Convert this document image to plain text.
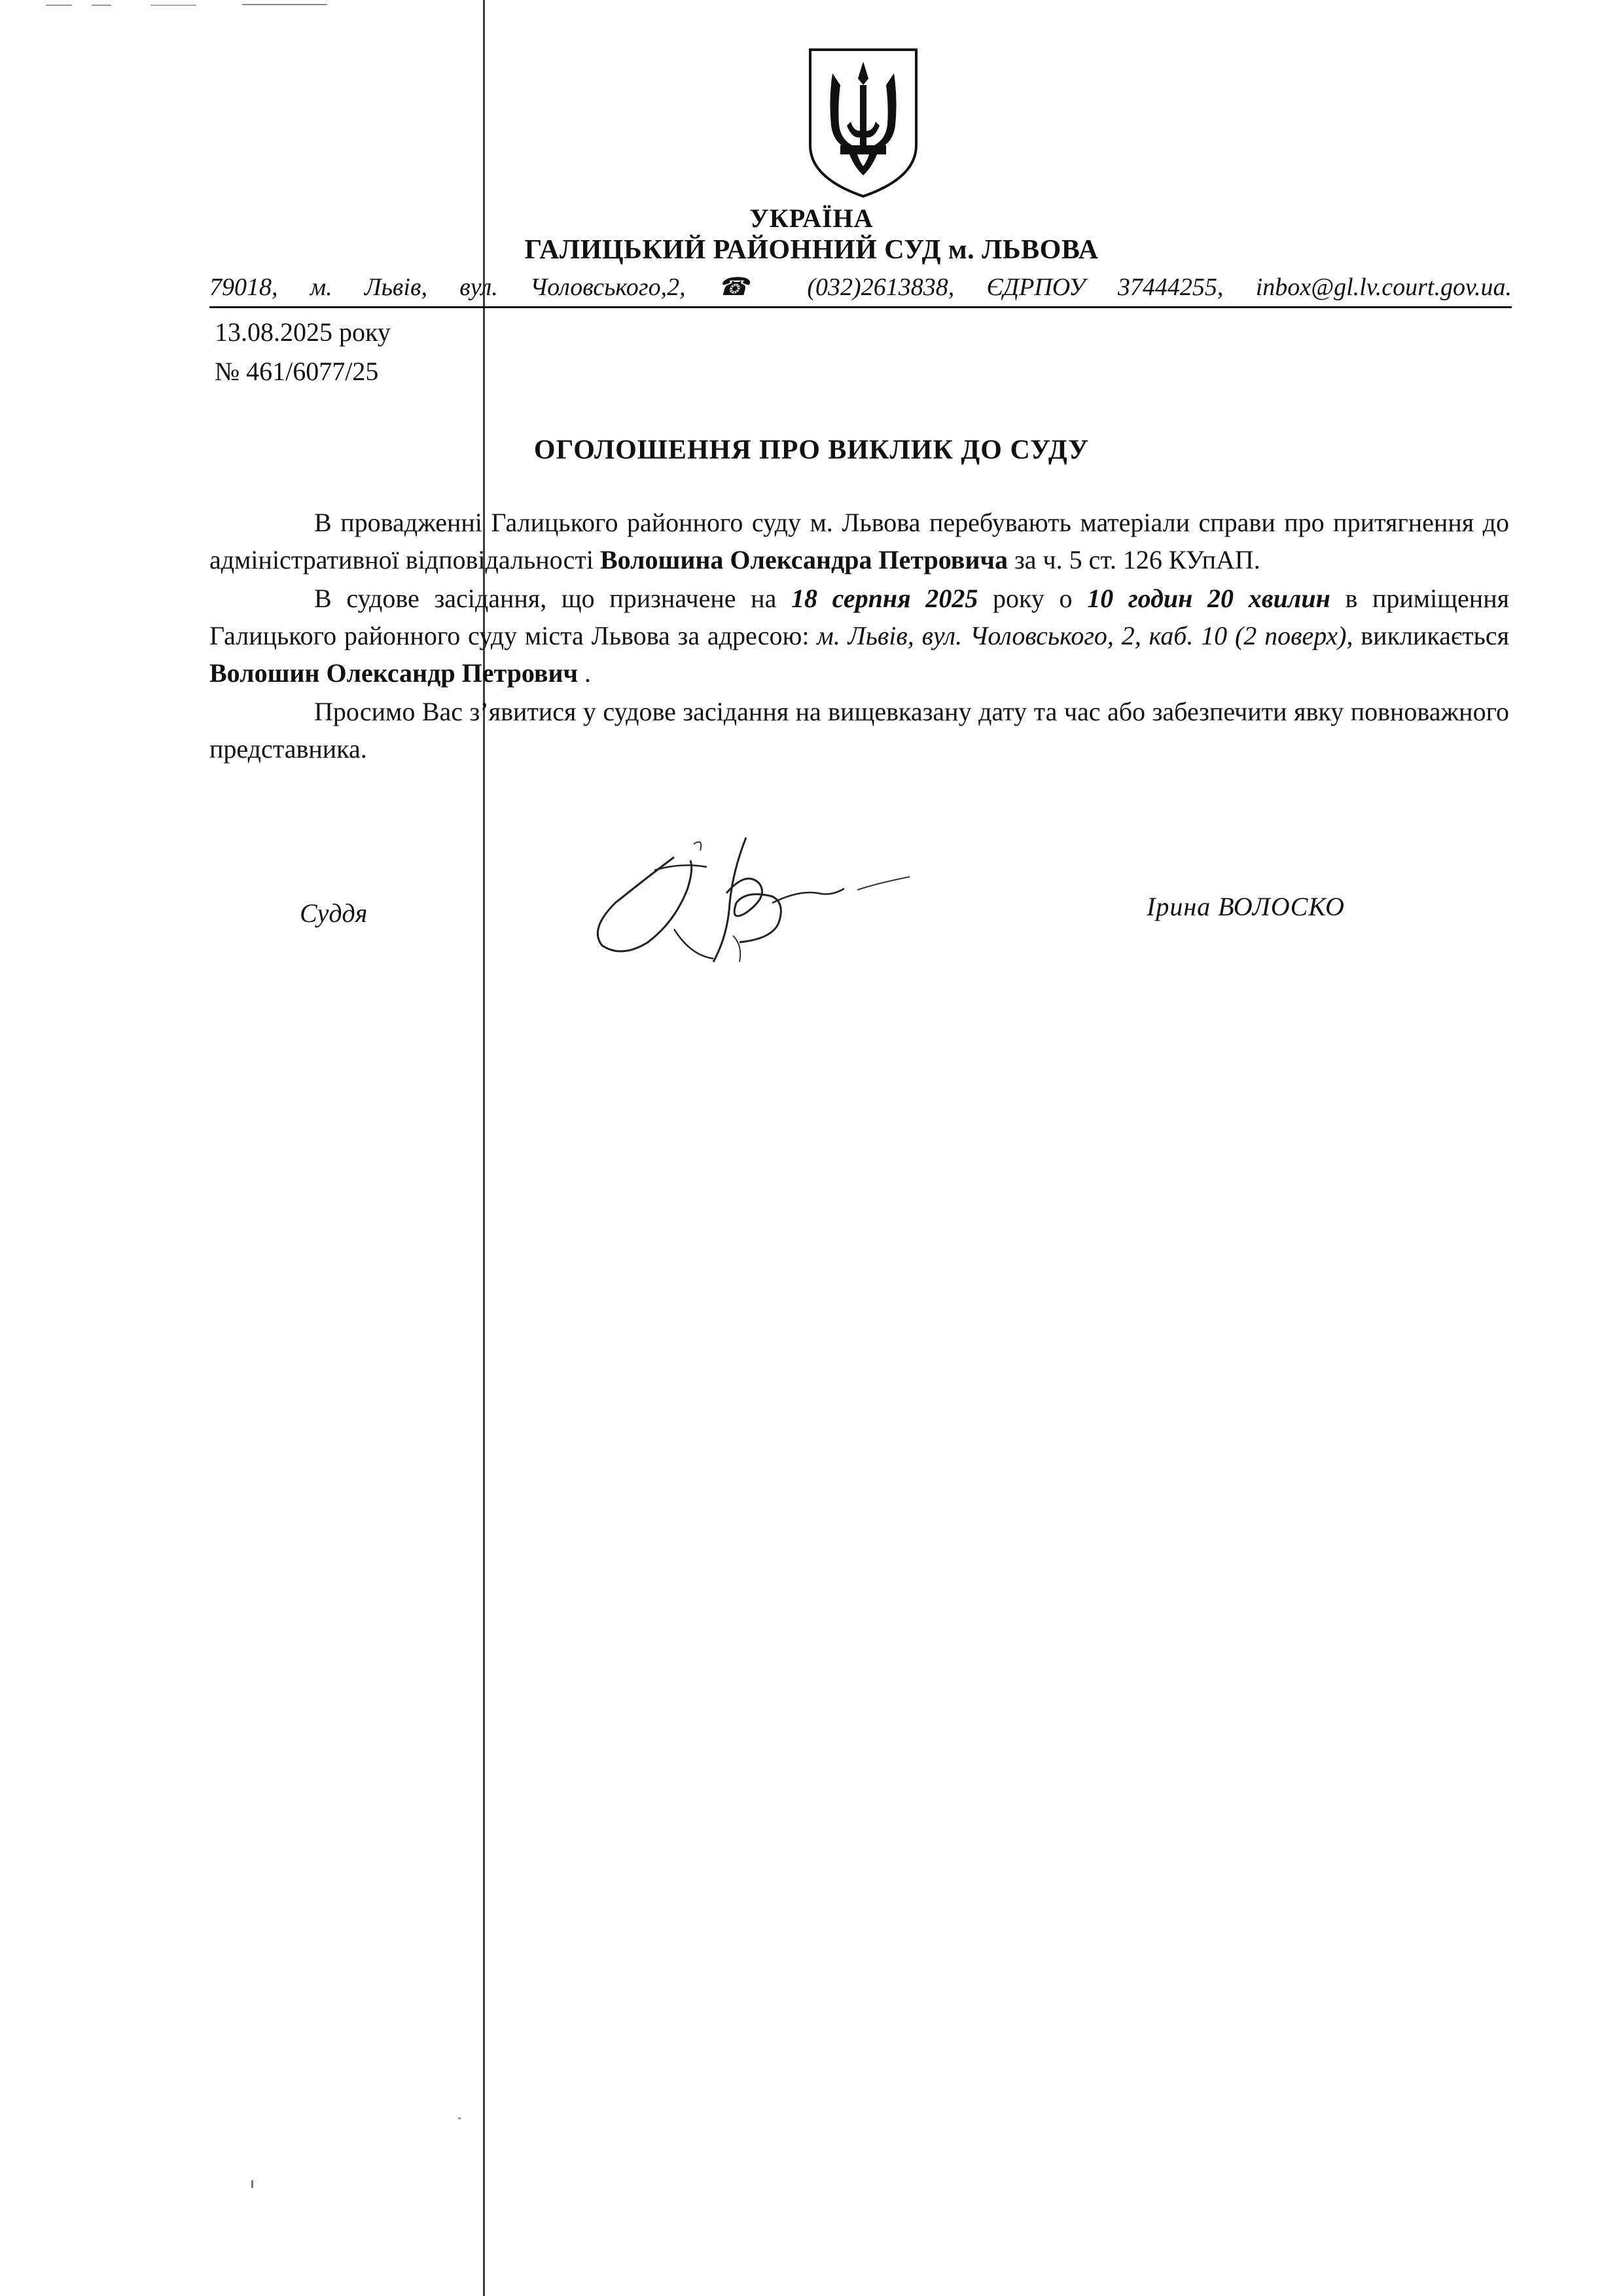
УКРАЇНА
ГАЛИЦЬКИЙ РАЙОННИЙ СУД м. ЛЬВОВА
79018, м. Львів, вул. Чоловського,2, ☎ (032)2613838, ЄДРПОУ 37444255, inbox@gl.lv.court.gov.ua.
13.08.2025 року
№ 461/6077/25
ОГОЛОШЕННЯ ПРО ВИКЛИК ДО СУДУ

В провадженні Галицького районного суду м. Львова перебувають матеріали справи про притягнення до адміністративної відповідальності Волошина Олександра Петровича за ч. 5 ст. 126 КУпАП.

В судове засідання, що призначене на 18 серпня 2025 року о 10 годин 20 хвилин в приміщення Галицького районного суду міста Львова за адресою: м. Львів, вул. Чоловського, 2, каб. 10 (2 поверх), викликається Волошин Олександр Петрович .

Просимо Вас з’явитися у судове засідання на вищевказану дату та час або забезпечити явку повноважного представника.

Суддя	Ірина ВОЛОСКО
